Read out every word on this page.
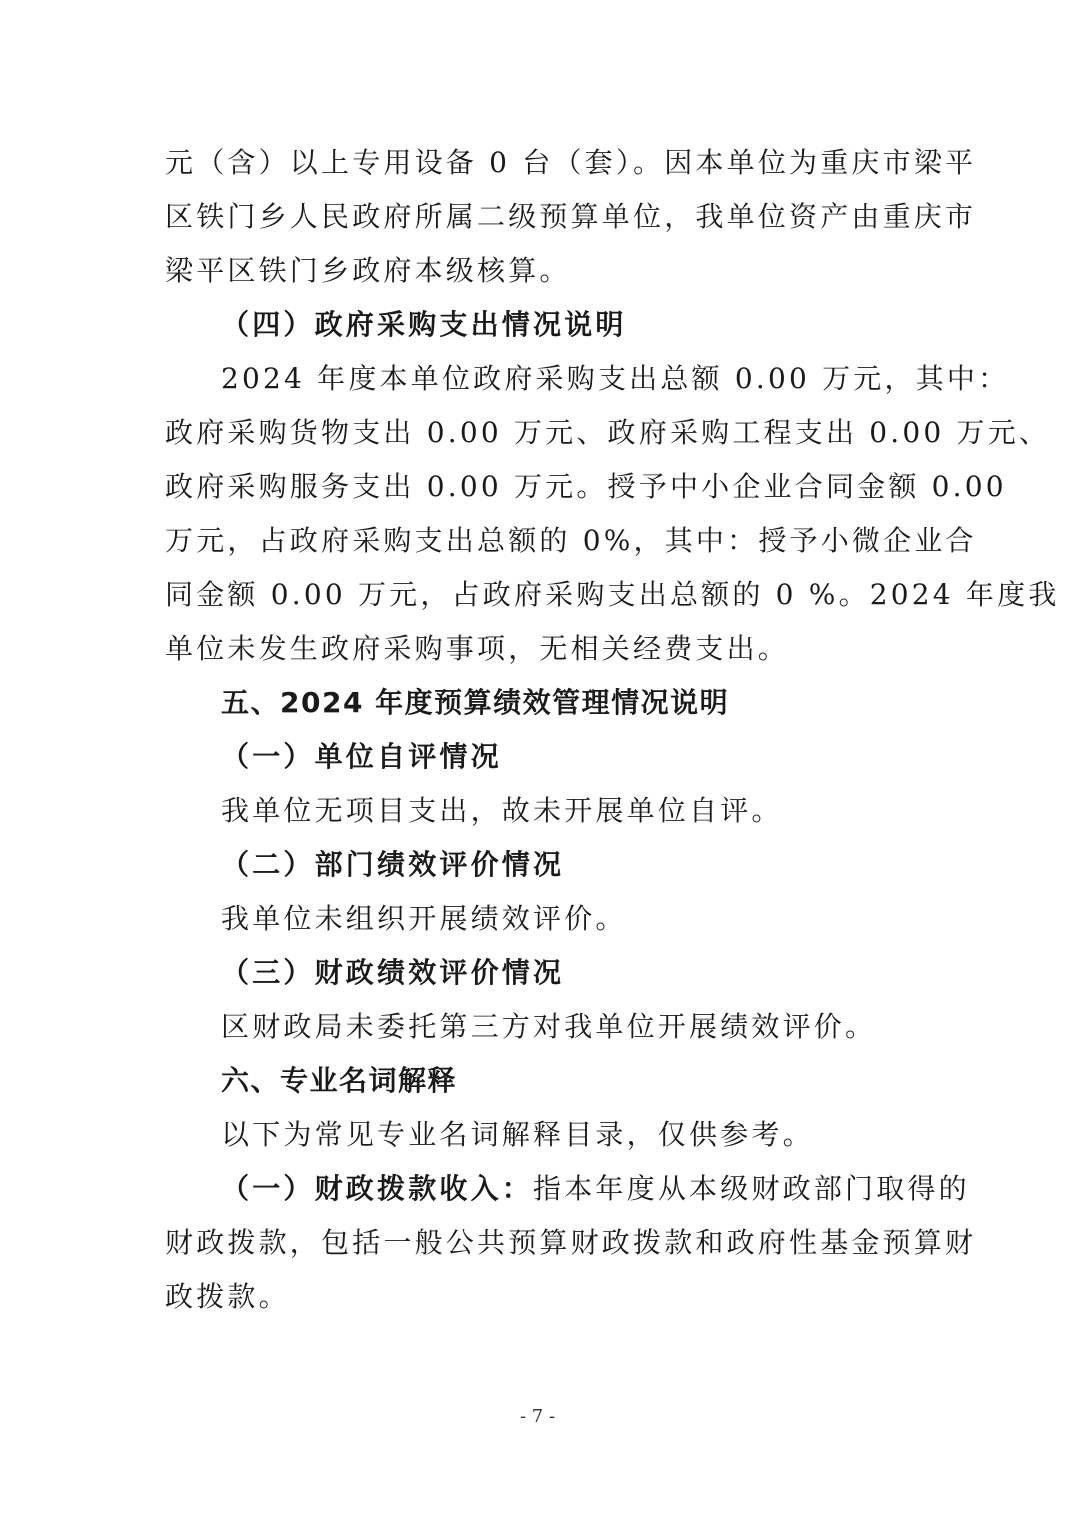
元（含）以上专用设备 0 台（套）。因本单位为重庆市梁平
区铁门乡人民政府所属二级预算单位，我单位资产由重庆市
梁平区铁门乡政府本级核算。
（四）政府采购支出情况说明
2024 年度本单位政府采购支出总额 0.00 万元，其中：
政府采购货物支出 0.00 万元、政府采购工程支出 0.00 万元、
政府采购服务支出 0.00 万元。授予中小企业合同金额 0.00
万元，占政府采购支出总额的 0%，其中：授予小微企业合
同金额 0.00 万元，占政府采购支出总额的 0 %。2024 年度我
单位未发生政府采购事项，无相关经费支出。
五、2024 年度预算绩效管理情况说明
（一）单位自评情况
我单位无项目支出，故未开展单位自评。
（二）部门绩效评价情况
我单位未组织开展绩效评价。
（三）财政绩效评价情况
区财政局未委托第三方对我单位开展绩效评价。
六、专业名词解释
以下为常见专业名词解释目录，仅供参考。
（一）财政拨款收入：指本年度从本级财政部门取得的
财政拨款，包括一般公共预算财政拨款和政府性基金预算财
政拨款。
- 7 -
